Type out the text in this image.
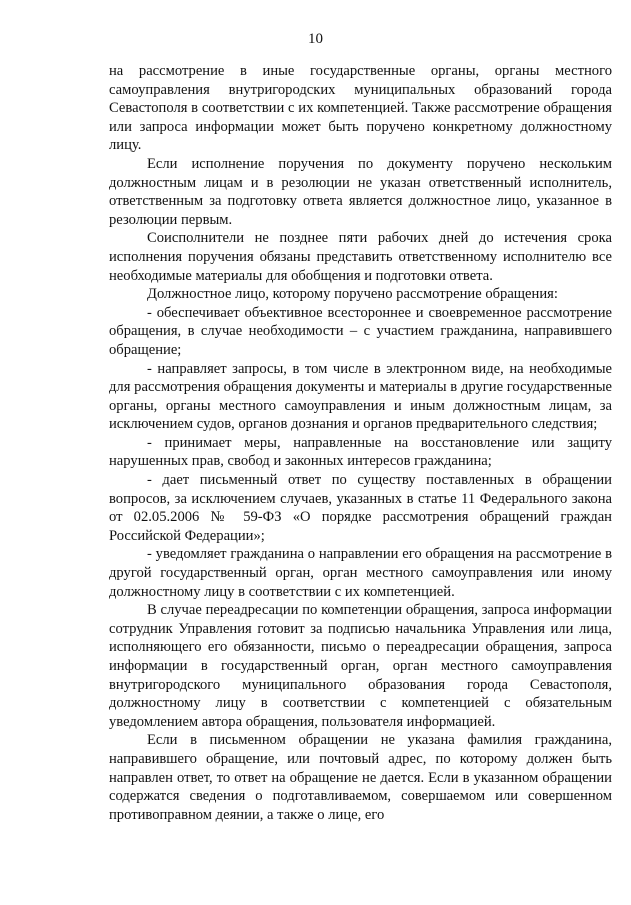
10

на рассмотрение в иные государственные органы, органы местного самоуправления внутригородских муниципальных образований города Севастополя в соответствии с их компетенцией. Также рассмотрение обращения или запроса информации может быть поручено конкретному должностному лицу.

Если исполнение поручения по документу поручено нескольким должностным лицам и в резолюции не указан ответственный исполнитель, ответственным за подготовку ответа является должностное лицо, указанное в резолюции первым.

Соисполнители не позднее пяти рабочих дней до истечения срока исполнения поручения обязаны представить ответственному исполнителю все необходимые материалы для обобщения и подготовки ответа.

Должностное лицо, которому поручено рассмотрение обращения:

- обеспечивает объективное всестороннее и своевременное рассмотрение обращения, в случае необходимости – с участием гражданина, направившего обращение;

- направляет запросы, в том числе в электронном виде, на необходимые для рассмотрения обращения документы и материалы в другие государственные органы, органы местного самоуправления и иным должностным лицам, за исключением судов, органов дознания и органов предварительного следствия;

- принимает меры, направленные на восстановление или защиту нарушенных прав, свобод и законных интересов гражданина;

- дает письменный ответ по существу поставленных в обращении вопросов, за исключением случаев, указанных в статье 11 Федерального закона от 02.05.2006 № 59-ФЗ «О порядке рассмотрения обращений граждан Российской Федерации»;

- уведомляет гражданина о направлении его обращения на рассмотрение в другой государственный орган, орган местного самоуправления или иному должностному лицу в соответствии с их компетенцией.

В случае переадресации по компетенции обращения, запроса информации сотрудник Управления готовит за подписью начальника Управления или лица, исполняющего его обязанности, письмо о переадресации обращения, запроса информации в государственный орган, орган местного самоуправления внутригородского муниципального образования города Севастополя, должностному лицу в соответствии с компетенцией с обязательным уведомлением автора обращения, пользователя информацией.

Если в письменном обращении не указана фамилия гражданина, направившего обращение, или почтовый адрес, по которому должен быть направлен ответ, то ответ на обращение не дается. Если в указанном обращении содержатся сведения о подготавливаемом, совершаемом или совершенном противоправном деянии, а также о лице, его
